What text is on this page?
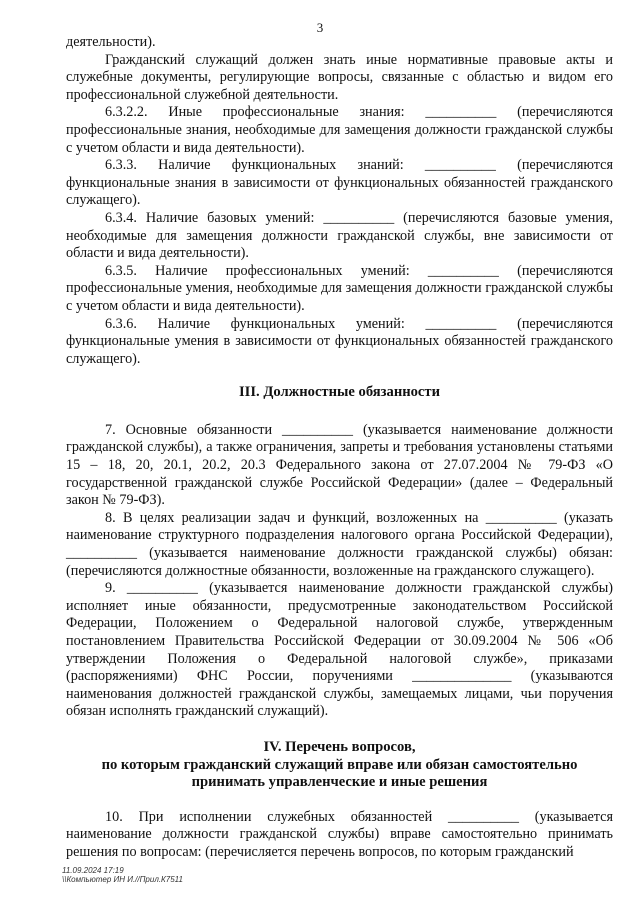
3

деятельности).

Гражданский служащий должен знать иные нормативные правовые акты и служебные документы, регулирующие вопросы, связанные с областью и видом его профессиональной служебной деятельности.

6.3.2.2. Иные профессиональные знания: __________ (перечисляются профессиональные знания, необходимые для замещения должности гражданской службы с учетом области и вида деятельности).

6.3.3. Наличие функциональных знаний: __________ (перечисляются функциональные знания в зависимости от функциональных обязанностей гражданского служащего).

6.3.4. Наличие базовых умений: __________ (перечисляются базовые умения, необходимые для замещения должности гражданской службы, вне зависимости от области и вида деятельности).

6.3.5. Наличие профессиональных умений: __________ (перечисляются профессиональные умения, необходимые для замещения должности гражданской службы с учетом области и вида деятельности).

6.3.6. Наличие функциональных умений: __________ (перечисляются функциональные умения в зависимости от функциональных обязанностей гражданского служащего).

III. Должностные обязанности

7. Основные обязанности __________ (указывается наименование должности гражданской службы), а также ограничения, запреты и требования установлены статьями 15 – 18, 20, 20.1, 20.2, 20.3 Федерального закона от 27.07.2004 № 79-ФЗ «О государственной гражданской службе Российской Федерации» (далее – Федеральный закон № 79-ФЗ).

8. В целях реализации задач и функций, возложенных на __________ (указать наименование структурного подразделения налогового органа Российской Федерации), __________ (указывается наименование должности гражданской службы) обязан: (перечисляются должностные обязанности, возложенные на гражданского служащего).

9. __________ (указывается наименование должности гражданской службы) исполняет иные обязанности, предусмотренные законодательством Российской Федерации, Положением о Федеральной налоговой службе, утвержденным постановлением Правительства Российской Федерации от 30.09.2004 № 506 «Об утверждении Положения о Федеральной налоговой службе», приказами (распоряжениями) ФНС России, поручениями ______________ (указываются наименования должностей гражданской службы, замещаемых лицами, чьи поручения обязан исполнять гражданский служащий).

IV. Перечень вопросов,
по которым гражданский служащий вправе или обязан самостоятельно
принимать управленческие и иные решения

10. При исполнении служебных обязанностей __________ (указывается наименование должности гражданской службы) вправе самостоятельно принимать решения по вопросам: (перечисляется перечень вопросов, по которым гражданский

11.09.2024 17:19
\\Компьютер ИН И.//Прил.К7511
